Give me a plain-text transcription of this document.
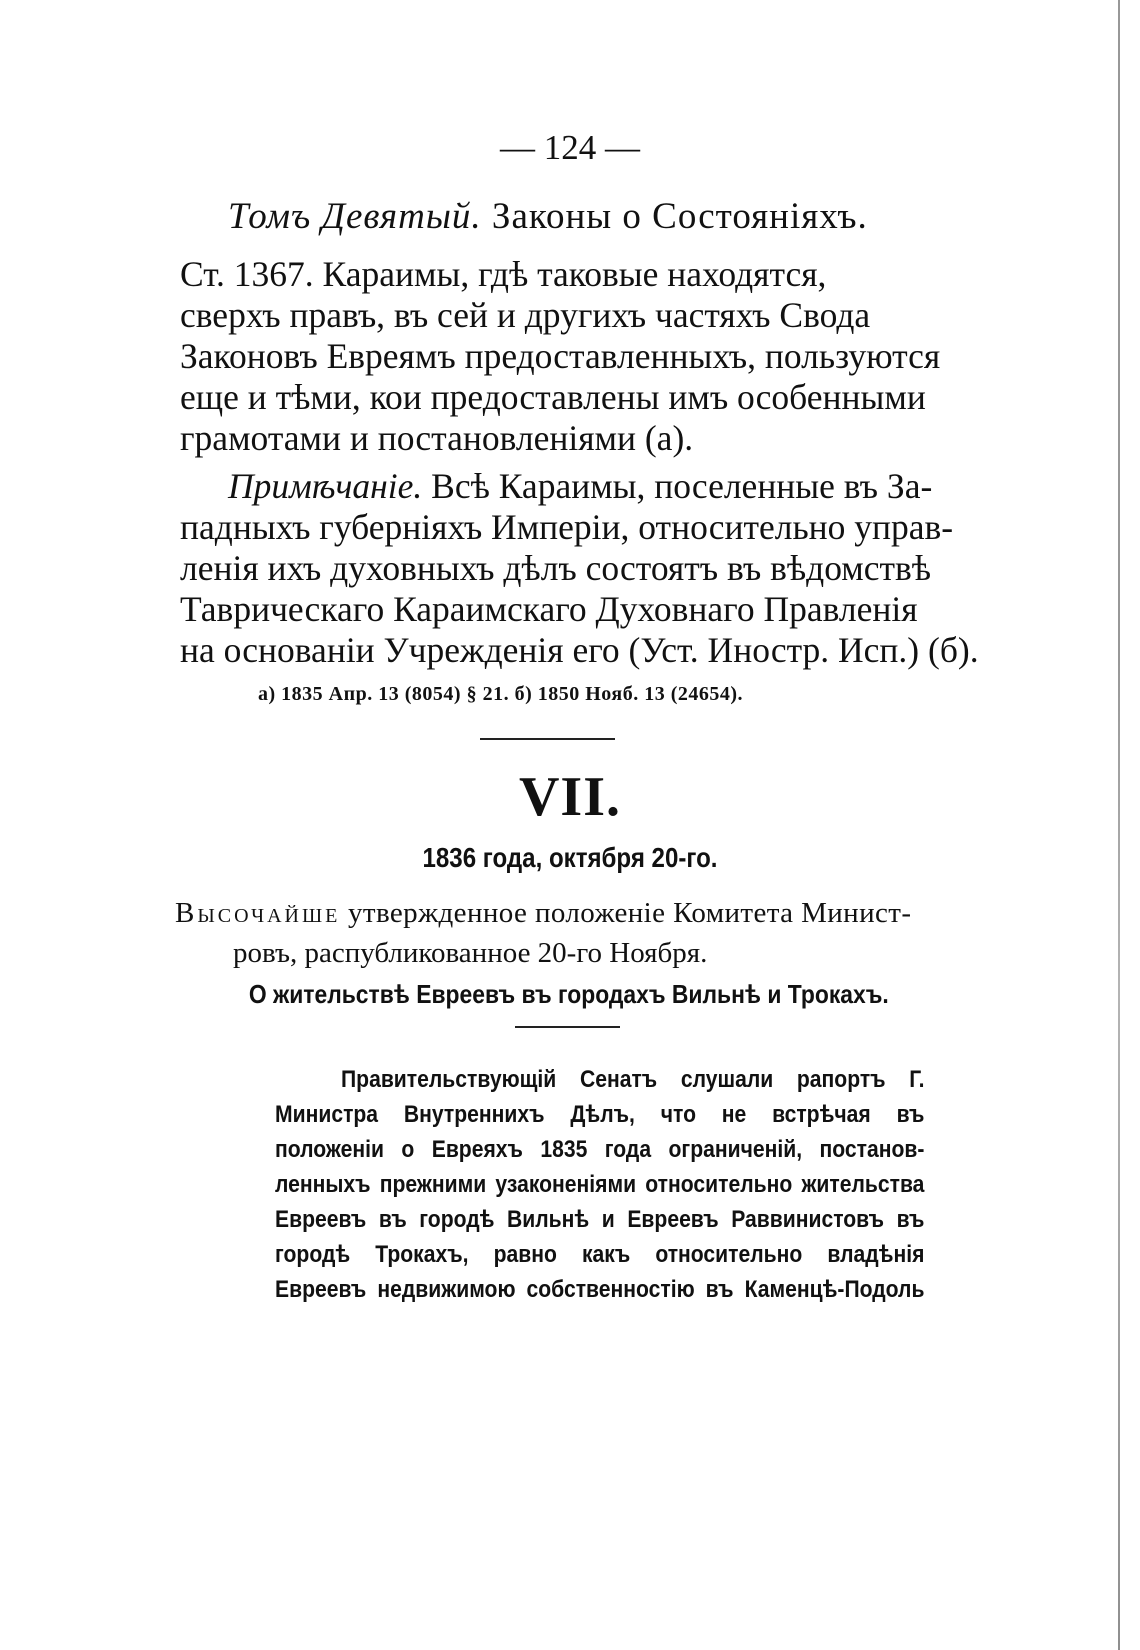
— 124 —
Томъ Девятый. Законы о Состояніяхъ.
Ст. 1367. Караимы, гдѣ таковые находятся,
сверхъ правъ, въ сей и другихъ частяхъ Свода
Законовъ Евреямъ предоставленныхъ, пользуются
еще и тѣми, кои предоставлены имъ особенными
грамотами и постановленіями (а).
Примѣчаніе. Всѣ Караимы, поселенные въ За-
падныхъ губерніяхъ Имперіи, относительно управ-
ленія ихъ духовныхъ дѣлъ состоятъ въ вѣдомствѣ
Таврическаго Караимскаго Духовнаго Правленія
на основаніи Учрежденія его (Уст. Иностр. Исп.) (б).
а) 1835 Апр. 13 (8054) § 21. б) 1850 Нояб. 13 (24654).
VII.
1836 года, октября 20-го.
Высочайше утвержденное положеніе Комитета Минист-
ровъ, распубликованное 20-го Ноября.
О жительствѣ Евреевъ въ городахъ Вильнѣ и Трокахъ.
Правительствующій Сенатъ слушали рапортъ Г.
Министра Внутреннихъ Дѣлъ, что не встрѣчая въ
положеніи о Евреяхъ 1835 года ограниченій, постанов-
ленныхъ прежними узаконеніями относительно жительства
Евреевъ въ городѣ Вильнѣ и Евреевъ Раввинистовъ въ
городѣ Трокахъ, равно какъ относительно владѣнія
Евреевъ недвижимою собственностію въ Каменцѣ-Подоль
